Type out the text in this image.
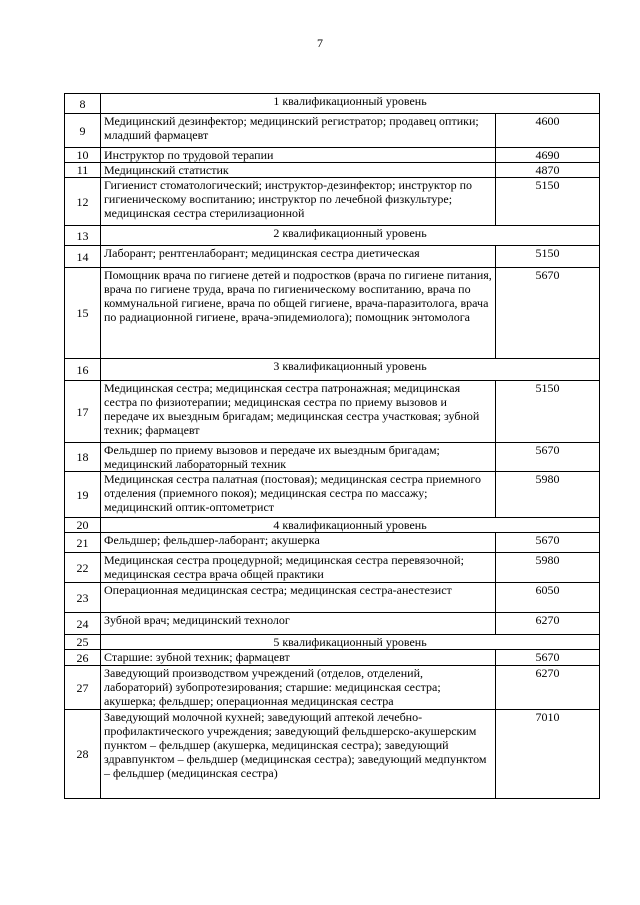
7
8	1 квалификационный уровень	
9	Медицинский дезинфектор; медицинский регистратор; продавец оптики; младший фармацевт	4600
10	Инструктор по трудовой терапии	4690
11	Медицинский статистик	4870
12	Гигиенист стоматологический; инструктор-дезинфектор; инструктор по гигиеническому воспитанию; инструктор по лечебной физкультуре; медицинская сестра стерилизационной	5150
13	2 квалификационный уровень	
14	Лаборант; рентгенлаборант; медицинская сестра диетическая	5150
15	Помощник врача по гигиене детей и подростков (врача по гигиене питания, врача по гигиене труда, врача по гигиеническому воспитанию, врача по коммунальной гигиене, врача по общей гигиене, врача-паразитолога, врача по радиационной гигиене, врача-эпидемиолога); помощник энтомолога	5670
16	3 квалификационный уровень	
17	Медицинская сестра; медицинская сестра патронажная; медицинская сестра по физиотерапии; медицинская сестра по приему вызовов и передаче их выездным бригадам; медицинская сестра участковая; зубной техник; фармацевт	5150
18	Фельдшер по приему вызовов и передаче их выездным бригадам; медицинский лабораторный техник	5670
19	Медицинская сестра палатная (постовая); медицинская сестра приемного отделения (приемного покоя); медицинская сестра по массажу; медицинский оптик-оптометрист	5980
20	4 квалификационный уровень	
21	Фельдшер; фельдшер-лаборант; акушерка	5670
22	Медицинская сестра процедурной; медицинская сестра перевязочной; медицинская сестра врача общей практики	5980
23	Операционная медицинская сестра; медицинская сестра-анестезист	6050
24	Зубной врач; медицинский технолог	6270
25	5 квалификационный уровень	
26	Старшие: зубной техник; фармацевт	5670
27	Заведующий производством учреждений (отделов, отделений, лабораторий) зубопротезирования; старшие: медицинская сестра; акушерка; фельдшер; операционная медицинская сестра	6270
28	Заведующий молочной кухней; заведующий аптекой лечебно-профилактического учреждения; заведующий фельдшерско-акушерским пунктом – фельдшер (акушерка, медицинская сестра); заведующий здравпунктом – фельдшер (медицинская сестра); заведующий медпунктом – фельдшер (медицинская сестра)	7010
